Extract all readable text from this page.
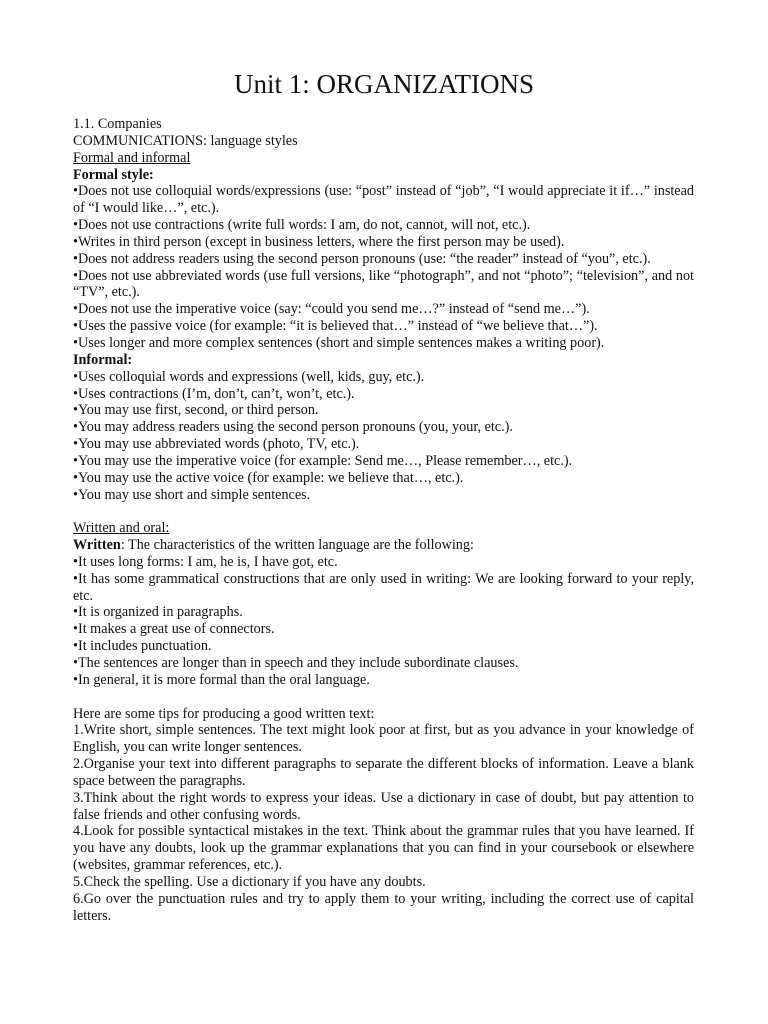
Unit 1: ORGANIZATIONS

1.1. Companies

COMMUNICATIONS: language styles

Formal and informal

Formal style:

•Does not use colloquial words/expressions (use: “post” instead of “job”, “I would appreciate it if…” instead of “I would like…”, etc.).

•Does not use contractions (write full words: I am, do not, cannot, will not, etc.).

•Writes in third person (except in business letters, where the first person may be used).

•Does not address readers using the second person pronouns (use: “the reader” instead of “you”, etc.).

•Does not use abbreviated words (use full versions, like “photograph”, and not “photo”; “television”, and not “TV”, etc.).

•Does not use the imperative voice (say: “could you send me…?” instead of “send me…”).

•Uses the passive voice (for example: “it is believed that…” instead of “we believe that…”).

•Uses longer and more complex sentences (short and simple sentences makes a writing poor).

Informal:

•Uses colloquial words and expressions (well, kids, guy, etc.).

•Uses contractions (I’m, don’t, can’t, won’t, etc.).

•You may use first, second, or third person.

•You may address readers using the second person pronouns (you, your, etc.).

•You may use abbreviated words (photo, TV, etc.).

•You may use the imperative voice (for example: Send me…, Please remember…, etc.).

•You may use the active voice (for example: we believe that…, etc.).

•You may use short and simple sentences.

Written and oral:

Written: The characteristics of the written language are the following:

•It uses long forms: I am, he is, I have got, etc.

•It has some grammatical constructions that are only used in writing: We are looking forward to your reply, etc.

•It is organized in paragraphs.

•It makes a great use of connectors.

•It includes punctuation.

•The sentences are longer than in speech and they include subordinate clauses.

•In general, it is more formal than the oral language.

Here are some tips for producing a good written text:

1.Write short, simple sentences. The text might look poor at first, but as you advance in your knowledge of English, you can write longer sentences.

2.Organise your text into different paragraphs to separate the different blocks of information. Leave a blank space between the paragraphs.

3.Think about the right words to express your ideas. Use a dictionary in case of doubt, but pay attention to false friends and other confusing words.

4.Look for possible syntactical mistakes in the text. Think about the grammar rules that you have learned. If you have any doubts, look up the grammar explanations that you can find in your coursebook or elsewhere (websites, grammar references, etc.).

5.Check the spelling. Use a dictionary if you have any doubts.

6.Go over the punctuation rules and try to apply them to your writing, including the correct use of capital letters.
